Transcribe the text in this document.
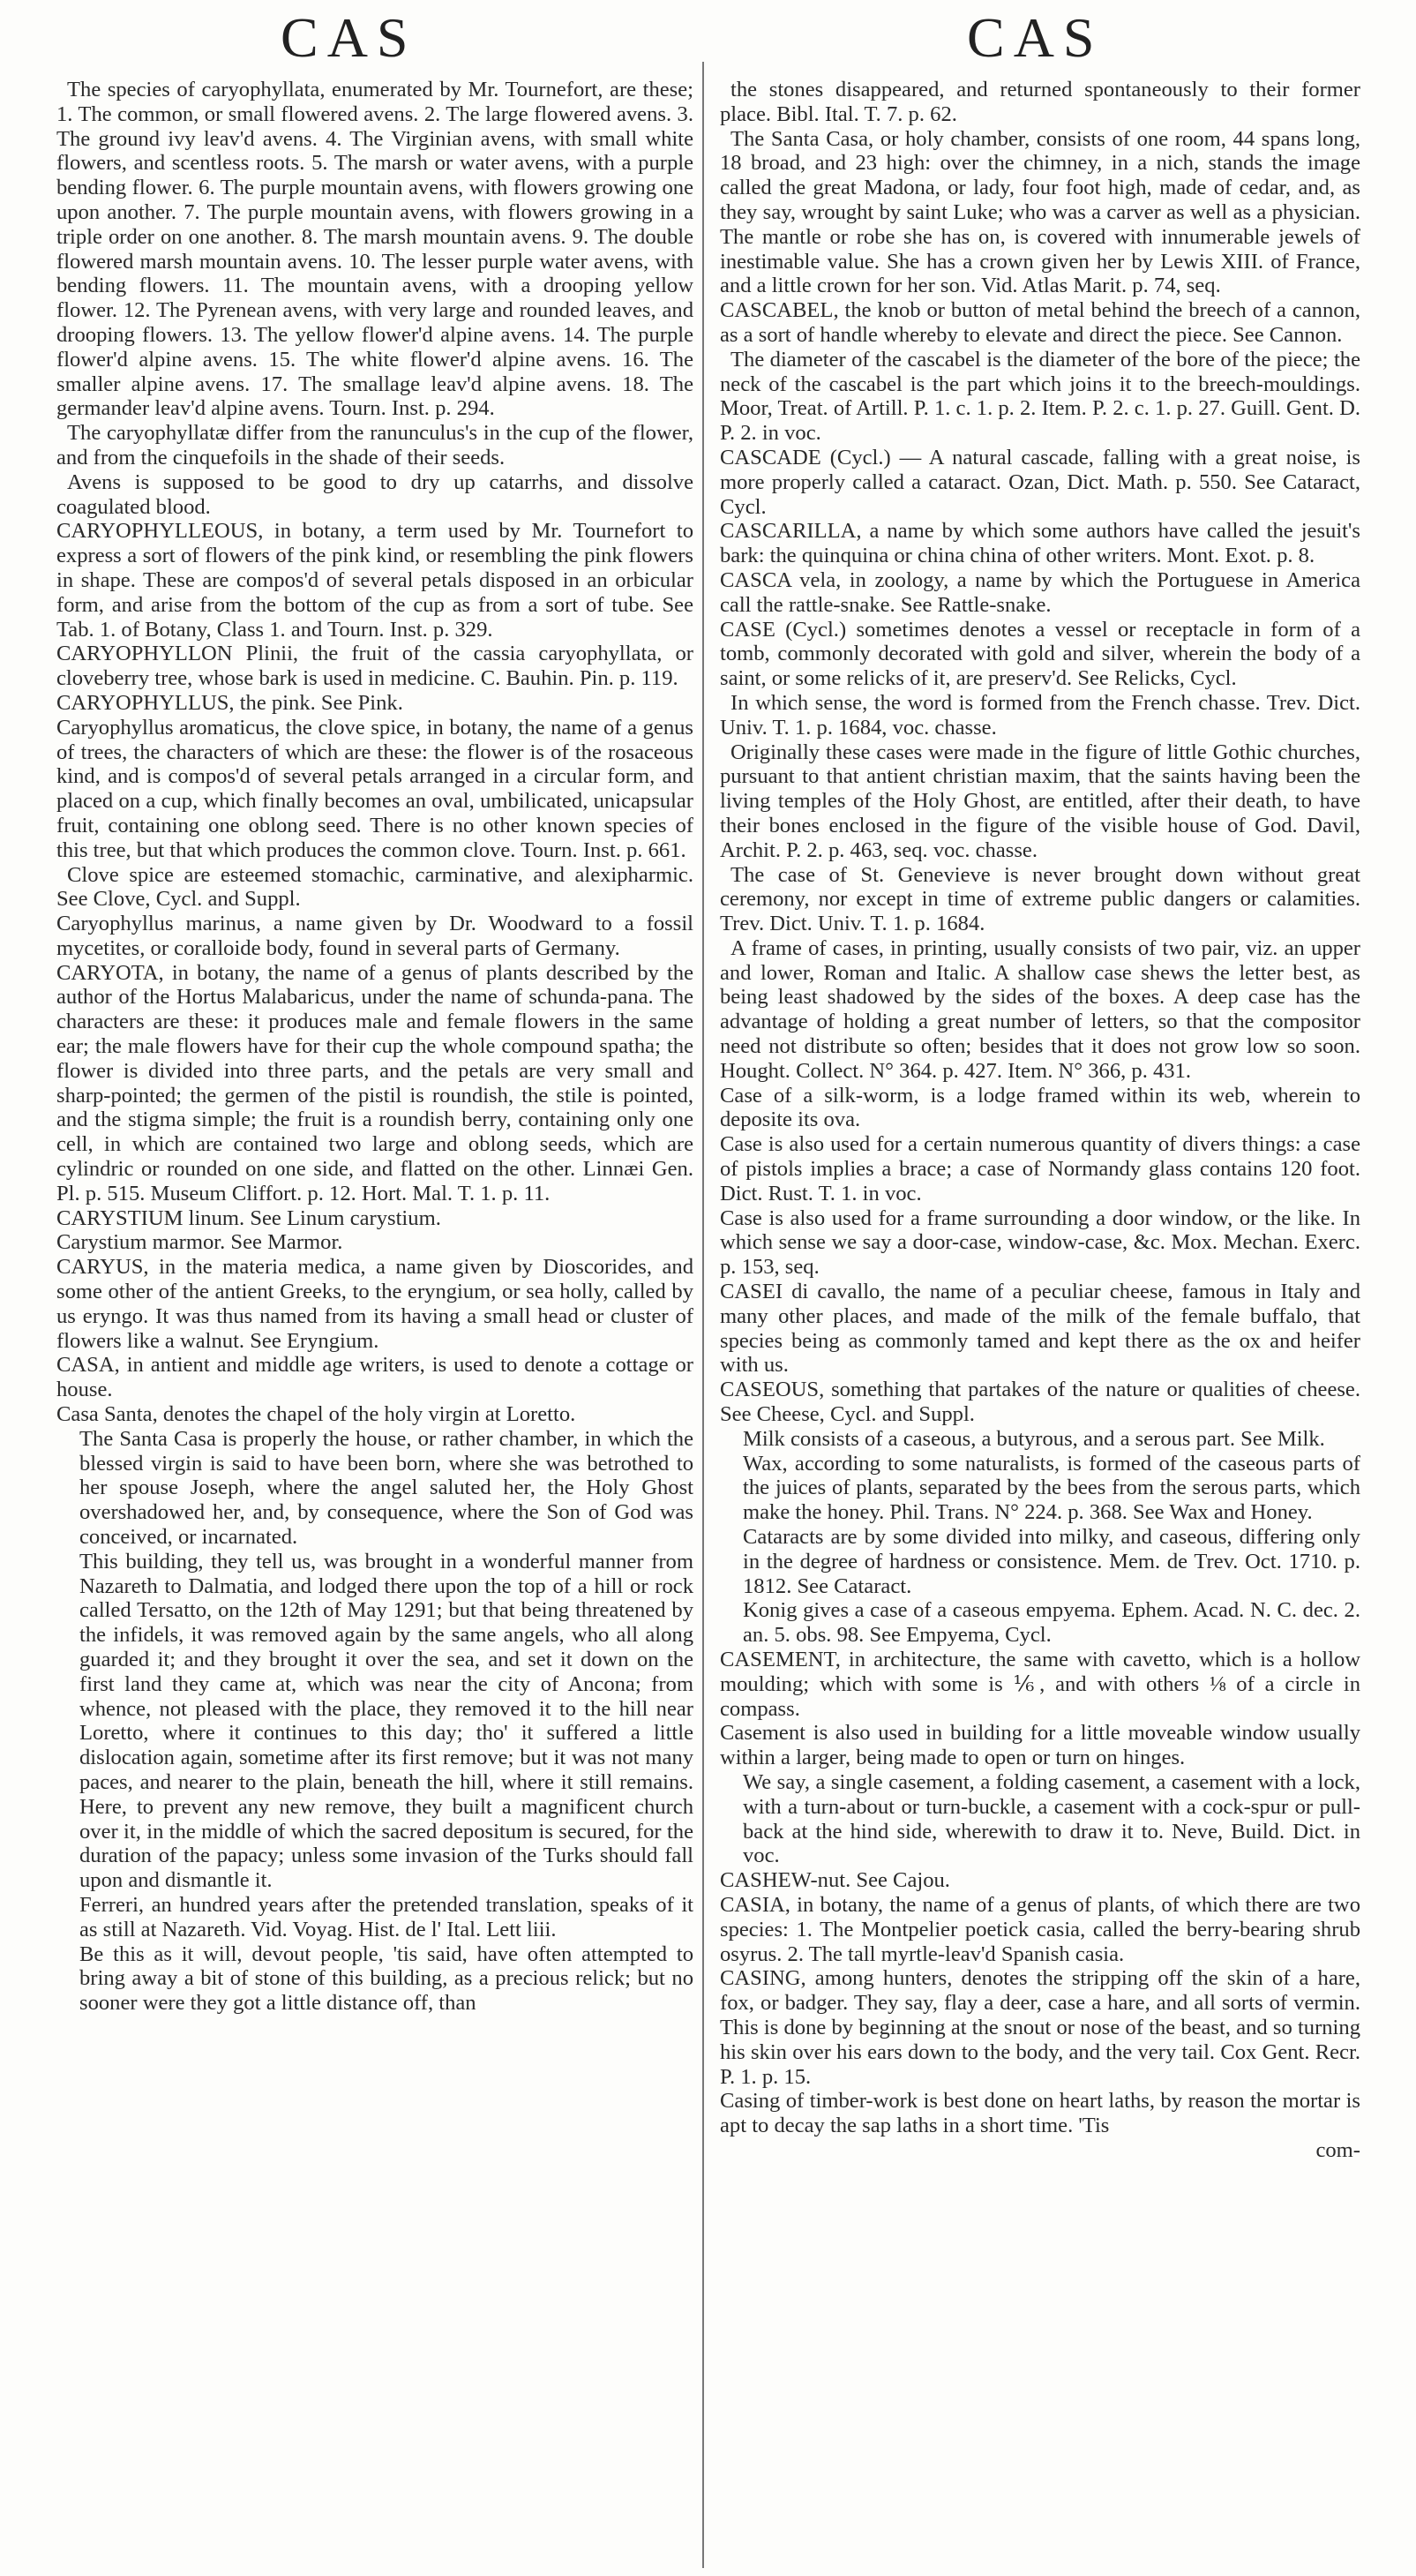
CAS	CAS

The species of caryophyllata, enumerated by Mr. Tournefort, are these; 1. The common, or small flowered avens. 2. The large flowered avens. 3. The ground ivy leav'd avens. 4. The Virginian avens, with small white flowers, and scentless roots. 5. The marsh or water avens, with a purple bending flower. 6. The purple mountain avens, with flowers growing one upon another. 7. The purple mountain avens, with flowers growing in a triple order on one another. 8. The marsh mountain avens. 9. The double flowered marsh mountain avens. 10. The lesser purple water avens, with bending flowers. 11. The mountain avens, with a drooping yellow flower. 12. The Pyrenean avens, with very large and rounded leaves, and drooping flowers. 13. The yellow flower'd alpine avens. 14. The purple flower'd alpine avens. 15. The white flower'd alpine avens. 16. The smaller alpine avens. 17. The smallage leav'd alpine avens. 18. The germander leav'd alpine avens. Tourn. Inst. p. 294.

The caryophyllatæ differ from the ranunculus's in the cup of the flower, and from the cinquefoils in the shade of their seeds.

Avens is supposed to be good to dry up catarrhs, and dissolve coagulated blood.

CARYOPHYLLEOUS, in botany, a term used by Mr. Tournefort to express a sort of flowers of the pink kind, or resembling the pink flowers in shape. These are compos'd of several petals disposed in an orbicular form, and arise from the bottom of the cup as from a sort of tube. See Tab. 1. of Botany, Class 1. and Tourn. Inst. p. 329.

CARYOPHYLLON Plinii, the fruit of the cassia caryophyllata, or cloveberry tree, whose bark is used in medicine. C. Bauhin. Pin. p. 119.

CARYOPHYLLUS, the pink. See Pink.

Caryophyllus aromaticus, the clove spice, in botany, the name of a genus of trees, the characters of which are these: the flower is of the rosaceous kind, and is compos'd of several petals arranged in a circular form, and placed on a cup, which finally becomes an oval, umbilicated, unicapsular fruit, containing one oblong seed. There is no other known species of this tree, but that which produces the common clove. Tourn. Inst. p. 661.

Clove spice are esteemed stomachic, carminative, and alexipharmic. See Clove, Cycl. and Suppl.

Caryophyllus marinus, a name given by Dr. Woodward to a fossil mycetites, or coralloide body, found in several parts of Germany.

CARYOTA, in botany, the name of a genus of plants described by the author of the Hortus Malabaricus, under the name of schunda-pana. The characters are these: it produces male and female flowers in the same ear; the male flowers have for their cup the whole compound spatha; the flower is divided into three parts, and the petals are very small and sharp-pointed; the germen of the pistil is roundish, the stile is pointed, and the stigma simple; the fruit is a roundish berry, containing only one cell, in which are contained two large and oblong seeds, which are cylindric or rounded on one side, and flatted on the other. Linnæi Gen. Pl. p. 515. Museum Cliffort. p. 12. Hort. Mal. T. 1. p. 11.

CARYSTIUM linum. See Linum carystium.

Carystium marmor. See Marmor.

CARYUS, in the materia medica, a name given by Dioscorides, and some other of the antient Greeks, to the eryngium, or sea holly, called by us eryngo. It was thus named from its having a small head or cluster of flowers like a walnut. See Eryngium.

CASA, in antient and middle age writers, is used to denote a cottage or house.

Casa Santa, denotes the chapel of the holy virgin at Loretto.

The Santa Casa is properly the house, or rather chamber, in which the blessed virgin is said to have been born, where she was betrothed to her spouse Joseph, where the angel saluted her, the Holy Ghost overshadowed her, and, by consequence, where the Son of God was conceived, or incarnated.

This building, they tell us, was brought in a wonderful manner from Nazareth to Dalmatia, and lodged there upon the top of a hill or rock called Tersatto, on the 12th of May 1291; but that being threatened by the infidels, it was removed again by the same angels, who all along guarded it; and they brought it over the sea, and set it down on the first land they came at, which was near the city of Ancona; from whence, not pleased with the place, they removed it to the hill near Loretto, where it continues to this day; tho' it suffered a little dislocation again, sometime after its first remove; but it was not many paces, and nearer to the plain, beneath the hill, where it still remains. Here, to prevent any new remove, they built a magnificent church over it, in the middle of which the sacred depositum is secured, for the duration of the papacy; unless some invasion of the Turks should fall upon and dismantle it.

Ferreri, an hundred years after the pretended translation, speaks of it as still at Nazareth. Vid. Voyag. Hist. de l' Ital. Lett liii.

Be this as it will, devout people, 'tis said, have often attempted to bring away a bit of stone of this building, as a precious relick; but no sooner were they got a little distance off, than

the stones disappeared, and returned spontaneously to their former place. Bibl. Ital. T. 7. p. 62.

The Santa Casa, or holy chamber, consists of one room, 44 spans long, 18 broad, and 23 high: over the chimney, in a nich, stands the image called the great Madona, or lady, four foot high, made of cedar, and, as they say, wrought by saint Luke; who was a carver as well as a physician. The mantle or robe she has on, is covered with innumerable jewels of inestimable value. She has a crown given her by Lewis XIII. of France, and a little crown for her son. Vid. Atlas Marit. p. 74, seq.

CASCABEL, the knob or button of metal behind the breech of a cannon, as a sort of handle whereby to elevate and direct the piece. See Cannon.

The diameter of the cascabel is the diameter of the bore of the piece; the neck of the cascabel is the part which joins it to the breech-mouldings. Moor, Treat. of Artill. P. 1. c. 1. p. 2. Item. P. 2. c. 1. p. 27. Guill. Gent. D. P. 2. in voc.

CASCADE (Cycl.) — A natural cascade, falling with a great noise, is more properly called a cataract. Ozan, Dict. Math. p. 550. See Cataract, Cycl.

CASCARILLA, a name by which some authors have called the jesuit's bark: the quinquina or china china of other writers. Mont. Exot. p. 8.

CASCA vela, in zoology, a name by which the Portuguese in America call the rattle-snake. See Rattle-snake.

CASE (Cycl.) sometimes denotes a vessel or receptacle in form of a tomb, commonly decorated with gold and silver, wherein the body of a saint, or some relicks of it, are preserv'd. See Relicks, Cycl.

In which sense, the word is formed from the French chasse. Trev. Dict. Univ. T. 1. p. 1684, voc. chasse.

Originally these cases were made in the figure of little Gothic churches, pursuant to that antient christian maxim, that the saints having been the living temples of the Holy Ghost, are entitled, after their death, to have their bones enclosed in the figure of the visible house of God. Davil, Archit. P. 2. p. 463, seq. voc. chasse.

The case of St. Genevieve is never brought down without great ceremony, nor except in time of extreme public dangers or calamities. Trev. Dict. Univ. T. 1. p. 1684.

A frame of cases, in printing, usually consists of two pair, viz. an upper and lower, Roman and Italic. A shallow case shews the letter best, as being least shadowed by the sides of the boxes. A deep case has the advantage of holding a great number of letters, so that the compositor need not distribute so often; besides that it does not grow low so soon. Hought. Collect. N° 364. p. 427. Item. N° 366, p. 431.

Case of a silk-worm, is a lodge framed within its web, wherein to deposite its ova.

Case is also used for a certain numerous quantity of divers things: a case of pistols implies a brace; a case of Normandy glass contains 120 foot. Dict. Rust. T. 1. in voc.

Case is also used for a frame surrounding a door window, or the like. In which sense we say a door-case, window-case, &c. Mox. Mechan. Exerc. p. 153, seq.

CASEI di cavallo, the name of a peculiar cheese, famous in Italy and many other places, and made of the milk of the female buffalo, that species being as commonly tamed and kept there as the ox and heifer with us.

CASEOUS, something that partakes of the nature or qualities of cheese. See Cheese, Cycl. and Suppl.

Milk consists of a caseous, a butyrous, and a serous part. See Milk.

Wax, according to some naturalists, is formed of the caseous parts of the juices of plants, separated by the bees from the serous parts, which make the honey. Phil. Trans. N° 224. p. 368. See Wax and Honey.

Cataracts are by some divided into milky, and caseous, differing only in the degree of hardness or consistence. Mem. de Trev. Oct. 1710. p. 1812. See Cataract.

Konig gives a case of a caseous empyema. Ephem. Acad. N. C. dec. 2. an. 5. obs. 98. See Empyema, Cycl.

CASEMENT, in architecture, the same with cavetto, which is a hollow moulding; which with some is ⅙, and with others ⅛ of a circle in compass.

Casement is also used in building for a little moveable window usually within a larger, being made to open or turn on hinges.

We say, a single casement, a folding casement, a casement with a lock, with a turn-about or turn-buckle, a casement with a cock-spur or pull-back at the hind side, wherewith to draw it to. Neve, Build. Dict. in voc.

CASHEW-nut. See Cajou.

CASIA, in botany, the name of a genus of plants, of which there are two species: 1. The Montpelier poetick casia, called the berry-bearing shrub osyrus. 2. The tall myrtle-leav'd Spanish casia.

CASING, among hunters, denotes the stripping off the skin of a hare, fox, or badger. They say, flay a deer, case a hare, and all sorts of vermin. This is done by beginning at the snout or nose of the beast, and so turning his skin over his ears down to the body, and the very tail. Cox Gent. Recr. P. 1. p. 15.

Casing of timber-work is best done on heart laths, by reason the mortar is apt to decay the sap laths in a short time. 'Tis

com-
